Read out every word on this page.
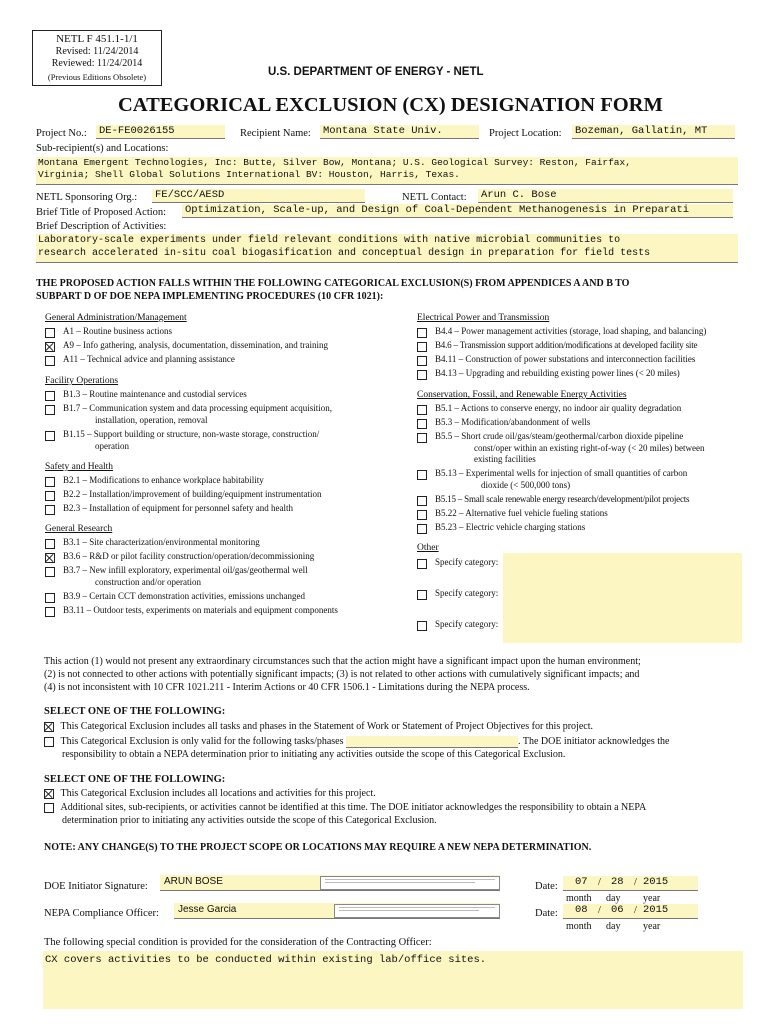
NETL F 451.1-1/1
Revised: 11/24/2014
Reviewed: 11/24/2014
(Previous Editions Obsolete)	U.S. DEPARTMENT OF ENERGY - NETL
CATEGORICAL EXCLUSION (CX) DESIGNATION FORM
Project No.: DE-FE0026155	Recipient Name: Montana State Univ.	Project Location: Bozeman, Gallatin, MT
Sub-recipient(s) and Locations:
Montana Emergent Technologies, Inc: Butte, Silver Bow, Montana; U.S. Geological Survey: Reston, Fairfax,
Virginia; Shell Global Solutions International BV: Houston, Harris, Texas.
NETL Sponsoring Org.: FE/SCC/AESD	NETL Contact: Arun C. Bose
Brief Title of Proposed Action: Optimization, Scale-up, and Design of Coal-Dependent Methanogenesis in Preparati
Brief Description of Activities:
Laboratory-scale experiments under field relevant conditions with native microbial communities to
research accelerated in-situ coal biogasification and conceptual design in preparation for field tests
THE PROPOSED ACTION FALLS WITHIN THE FOLLOWING CATEGORICAL EXCLUSION(S) FROM APPENDICES A AND B TO
SUBPART D OF DOE NEPA IMPLEMENTING PROCEDURES (10 CFR 1021):
General Administration/Management
A1 – Routine business actions
A9 – Info gathering, analysis, documentation, dissemination, and training
A11 – Technical advice and planning assistance
Facility Operations
B1.3 – Routine maintenance and custodial services
B1.7 – Communication system and data processing equipment acquisition,
installation, operation, removal
B1.15 – Support building or structure, non-waste storage, construction/
operation
Safety and Health
B2.1 – Modifications to enhance workplace habitability
B2.2 – Installation/improvement of building/equipment instrumentation
B2.3 – Installation of equipment for personnel safety and health
General Research
B3.1 – Site characterization/environmental monitoring
B3.6 – R&D or pilot facility construction/operation/decommissioning
B3.7 – New infill exploratory, experimental oil/gas/geothermal well
construction and/or operation
B3.9 – Certain CCT demonstration activities, emissions unchanged
B3.11 – Outdoor tests, experiments on materials and equipment components
Electrical Power and Transmission
B4.4 – Power management activities (storage, load shaping, and balancing)
B4.6 – Transmission support addition/modifications at developed facility site
B4.11 – Construction of power substations and interconnection facilities
B4.13 – Upgrading and rebuilding existing power lines (< 20 miles)
Conservation, Fossil, and Renewable Energy Activities
B5.1 – Actions to conserve energy, no indoor air quality degradation
B5.3 – Modification/abandonment of wells
B5.5 – Short crude oil/gas/steam/geothermal/carbon dioxide pipeline
const/oper within an existing right-of-way (< 20 miles) between
existing facilities
B5.13 – Experimental wells for injection of small quantities of carbon
dioxide (< 500,000 tons)
B5.15 – Small scale renewable energy research/development/pilot projects
B5.22 – Alternative fuel vehicle fueling stations
B5.23 – Electric vehicle charging stations
Other
Specify category:
Specify category:
Specify category:
This action (1) would not present any extraordinary circumstances such that the action might have a significant impact upon the human environment;
(2) is not connected to other actions with potentially significant impacts; (3) is not related to other actions with cumulatively significant impacts; and
(4) is not inconsistent with 10 CFR 1021.211 - Interim Actions or 40 CFR 1506.1 - Limitations during the NEPA process.
SELECT ONE OF THE FOLLOWING:
This Categorical Exclusion includes all tasks and phases in the Statement of Work or Statement of Project Objectives for this project.
This Categorical Exclusion is only valid for the following tasks/phases	. The DOE initiator acknowledges the
responsibility to obtain a NEPA determination prior to initiating any activities outside the scope of this Categorical Exclusion.
SELECT ONE OF THE FOLLOWING:
This Categorical Exclusion includes all locations and activities for this project.
Additional sites, sub-recipients, or activities cannot be identified at this time. The DOE initiator acknowledges the responsibility to obtain a NEPA
determination prior to initiating any activities outside the scope of this Categorical Exclusion.
NOTE: ANY CHANGE(S) TO THE PROJECT SCOPE OR LOCATIONS MAY REQUIRE A NEW NEPA DETERMINATION.
DOE Initiator Signature: ARUN BOSE	Date: 07 / 28 / 2015
month day year
NEPA Compliance Officer: Jesse Garcia	Date: 08 / 06 / 2015
month day year
The following special condition is provided for the consideration of the Contracting Officer:
CX covers activities to be conducted within existing lab/office sites.
